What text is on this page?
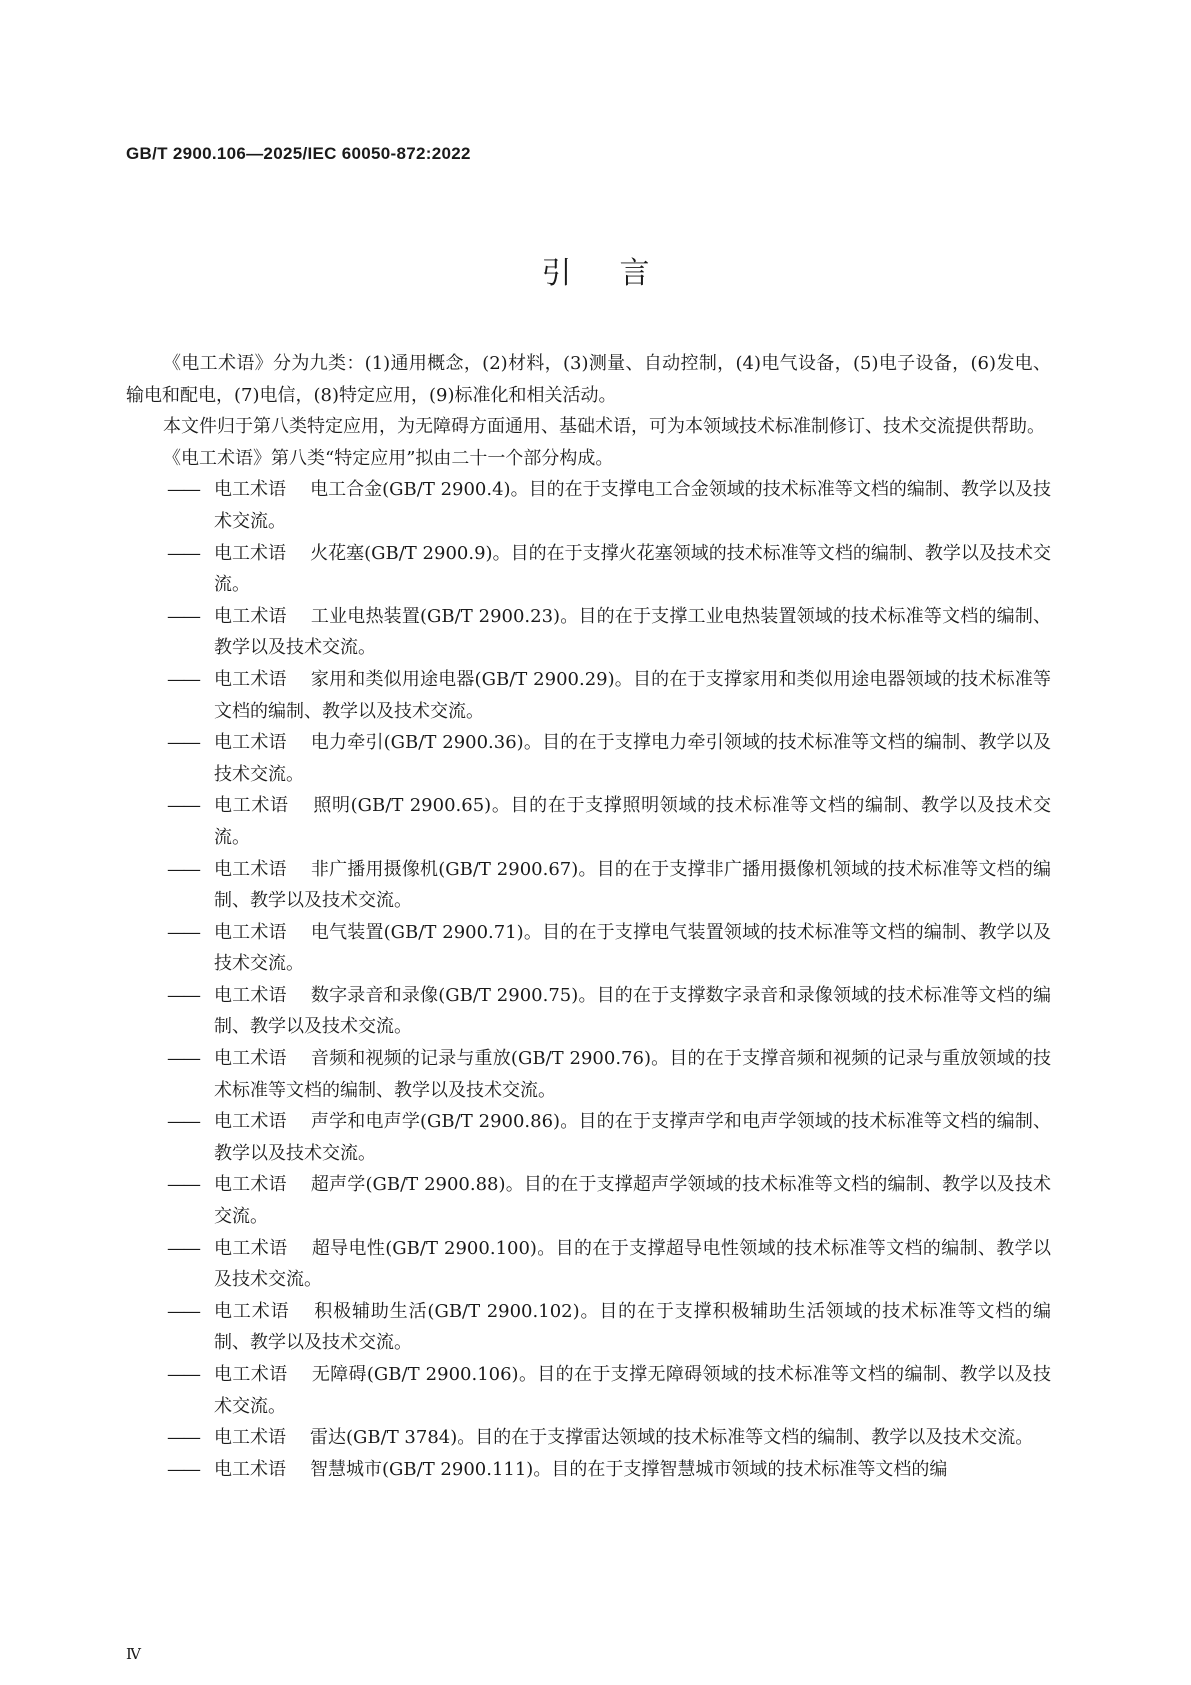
GB/T 2900.106—2025/IEC 60050-872:2022
引言

《电工术语》分为九类：(1)通用概念，(2)材料，(3)测量、自动控制，(4)电气设备，(5)电子设备，(6)发电、输电和配电，(7)电信，(8)特定应用，(9)标准化和相关活动。

本文件归于第八类特定应用，为无障碍方面通用、基础术语，可为本领域技术标准制修订、技术交流提供帮助。

《电工术语》第八类“特定应用”拟由二十一个部分构成。

—— 电工术语 电工合金(GB/T 2900.4)。目的在于支撑电工合金领域的技术标准等文档的编制、教学以及技术交流。
—— 电工术语 火花塞(GB/T 2900.9)。目的在于支撑火花塞领域的技术标准等文档的编制、教学以及技术交流。
—— 电工术语 工业电热装置(GB/T 2900.23)。目的在于支撑工业电热装置领域的技术标准等文档的编制、教学以及技术交流。
—— 电工术语 家用和类似用途电器(GB/T 2900.29)。目的在于支撑家用和类似用途电器领域的技术标准等文档的编制、教学以及技术交流。
—— 电工术语 电力牵引(GB/T 2900.36)。目的在于支撑电力牵引领域的技术标准等文档的编制、教学以及技术交流。
—— 电工术语 照明(GB/T 2900.65)。目的在于支撑照明领域的技术标准等文档的编制、教学以及技术交流。
—— 电工术语 非广播用摄像机(GB/T 2900.67)。目的在于支撑非广播用摄像机领域的技术标准等文档的编制、教学以及技术交流。
—— 电工术语 电气装置(GB/T 2900.71)。目的在于支撑电气装置领域的技术标准等文档的编制、教学以及技术交流。
—— 电工术语 数字录音和录像(GB/T 2900.75)。目的在于支撑数字录音和录像领域的技术标准等文档的编制、教学以及技术交流。
—— 电工术语 音频和视频的记录与重放(GB/T 2900.76)。目的在于支撑音频和视频的记录与重放领域的技术标准等文档的编制、教学以及技术交流。
—— 电工术语 声学和电声学(GB/T 2900.86)。目的在于支撑声学和电声学领域的技术标准等文档的编制、教学以及技术交流。
—— 电工术语 超声学(GB/T 2900.88)。目的在于支撑超声学领域的技术标准等文档的编制、教学以及技术交流。
—— 电工术语 超导电性(GB/T 2900.100)。目的在于支撑超导电性领域的技术标准等文档的编制、教学以及技术交流。
—— 电工术语 积极辅助生活(GB/T 2900.102)。目的在于支撑积极辅助生活领域的技术标准等文档的编制、教学以及技术交流。
—— 电工术语 无障碍(GB/T 2900.106)。目的在于支撑无障碍领域的技术标准等文档的编制、教学以及技术交流。
—— 电工术语 雷达(GB/T 3784)。目的在于支撑雷达领域的技术标准等文档的编制、教学以及技术交流。
—— 电工术语 智慧城市(GB/T 2900.111)。目的在于支撑智慧城市领域的技术标准等文档的编
Ⅳ
